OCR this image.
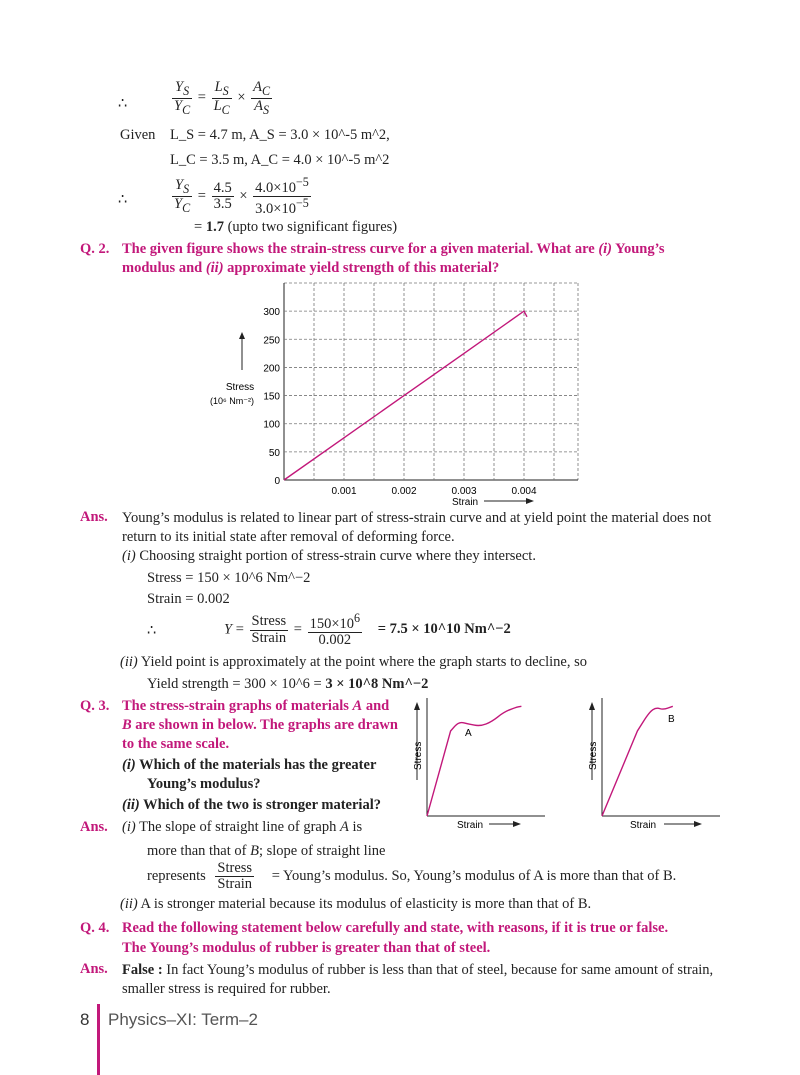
∴	$\frac{Y_S}{Y_C} = \frac{L_S}{L_C} \times \frac{A_C}{A_S}$
Given L_S = 4.7 m, A_S = 3.0 × 10^-5 m^2,
L_C = 3.5 m, A_C = 4.0 × 10^-5 m^2
∴	$\frac{Y_S}{Y_C} = \frac{4.5}{3.5} \times \frac{4.0\times 10^{-5}}{3.0\times 10^{-5}}$
= 1.7 (upto two significant figures)
Q. 2. The given figure shows the strain-stress curve for a given material. What are (i) Young’s
modulus and (ii) approximate yield strength of this material?
0
50
100
150
200
250
300
0.001	0.002	0.003	0.004
Stress
(10⁶ Nm⁻²)
Strain
Ans. Young’s modulus is related to linear part of stress-strain curve and at yield point the material does not return to its initial state after removal of deforming force.
(i) Choosing straight portion of stress-strain curve where they intersect.
Stress = 150 × 10^6 Nm^−2
Strain = 0.002
∴	$Y = \frac{\text{Stress}}{\text{Strain}} = \frac{150\times 10^6}{0.002} = 7.5$ × 10^10 Nm^−2
(ii) Yield point is approximately at the point where the graph starts to decline, so
Yield strength = 300 × 10^6 = 3 × 10^8 Nm^−2
Q. 3. The stress-strain graphs of materials A and
B are shown in below. The graphs are drawn
to the same scale.
(i) Which of the materials has the greater
Young’s modulus?
(ii) Which of the two is stronger material?
Stress
A
Strain
Stress
B
Strain
Ans. (i) The slope of straight line of graph A is
more than that of B; slope of straight line
represents $\frac{\text{Stress}}{\text{Strain}}$ = Young’s modulus. So, Young’s modulus of A is more than that of B.
(ii) A is stronger material because its modulus of elasticity is more than that of B.
Q. 4. Read the following statement below carefully and state, with reasons, if it is true or false.
The Young’s modulus of rubber is greater than that of steel.
Ans. False : In fact Young’s modulus of rubber is less than that of steel, because for same amount of strain, smaller stress is required for rubber.
8 Physics–XI: Term–2
